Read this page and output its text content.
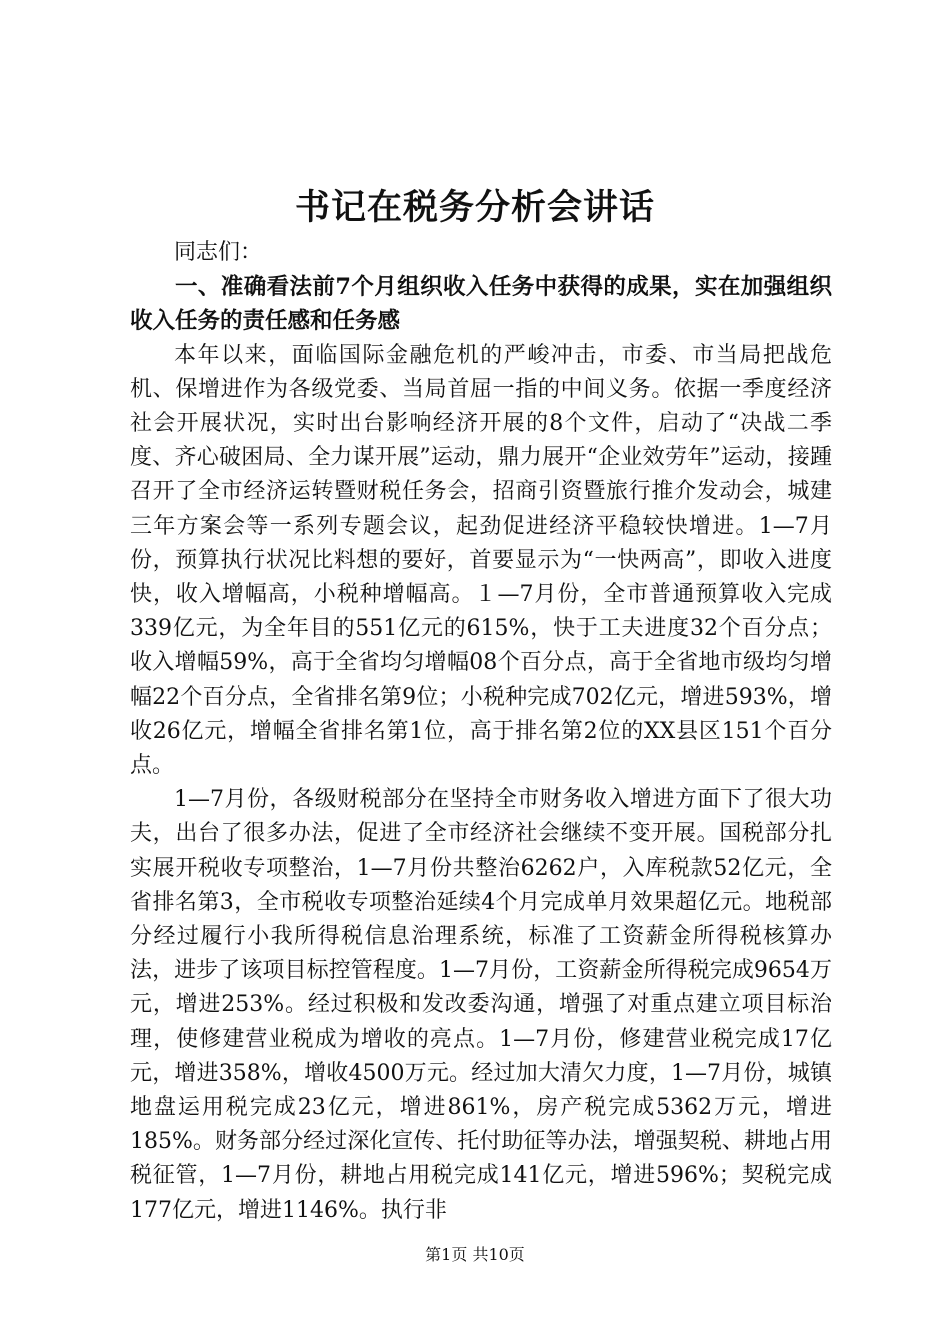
书记在税务分析会讲话

同志们：

一、准确看法前7个月组织收入任务中获得的成果，实在加强组织收入任务的责任感和任务感

本年以来，面临国际金融危机的严峻冲击，市委、市当局把战危机、保增进作为各级党委、当局首屈一指的中间义务。依据一季度经济社会开展状况，实时出台影响经济开展的8个文件，启动了“决战二季度、齐心破困局、全力谋开展”运动，鼎力展开“企业效劳年”运动，接踵召开了全市经济运转暨财税任务会，招商引资暨旅行推介发动会，城建三年方案会等一系列专题会议，起劲促进经济平稳较快增进。1—7月份，预算执行状况比料想的要好，首要显示为“一快两高”，即收入进度快，收入增幅高，小税种增幅高。１—7月份，全市普通预算收入完成339亿元，为全年目的551亿元的615%，快于工夫进度32个百分点；收入增幅59%，高于全省均匀增幅08个百分点，高于全省地市级均匀增幅22个百分点，全省排名第9位；小税种完成702亿元，增进593%，增收26亿元，增幅全省排名第1位，高于排名第2位的XX县区151个百分点。

1—7月份，各级财税部分在坚持全市财务收入增进方面下了很大功夫，出台了很多办法，促进了全市经济社会继续不变开展。国税部分扎实展开税收专项整治，1—7月份共整治6262户，入库税款52亿元，全省排名第3，全市税收专项整治延续4个月完成单月效果超亿元。地税部分经过履行小我所得税信息治理系统，标准了工资薪金所得税核算办法，进步了该项目标控管程度。1—7月份，工资薪金所得税完成9654万元，增进253%。经过积极和发改委沟通，增强了对重点建立项目标治理，使修建营业税成为增收的亮点。1—7月份，修建营业税完成17亿元，增进358%，增收4500万元。经过加大清欠力度，1—7月份，城镇地盘运用税完成23亿元，增进861%，房产税完成5362万元，增进185%。财务部分经过深化宣传、托付助征等办法，增强契税、耕地占用税征管，1—7月份，耕地占用税完成141亿元，增进596%；契税完成177亿元，增进1146%。执行非

第1页 共10页
